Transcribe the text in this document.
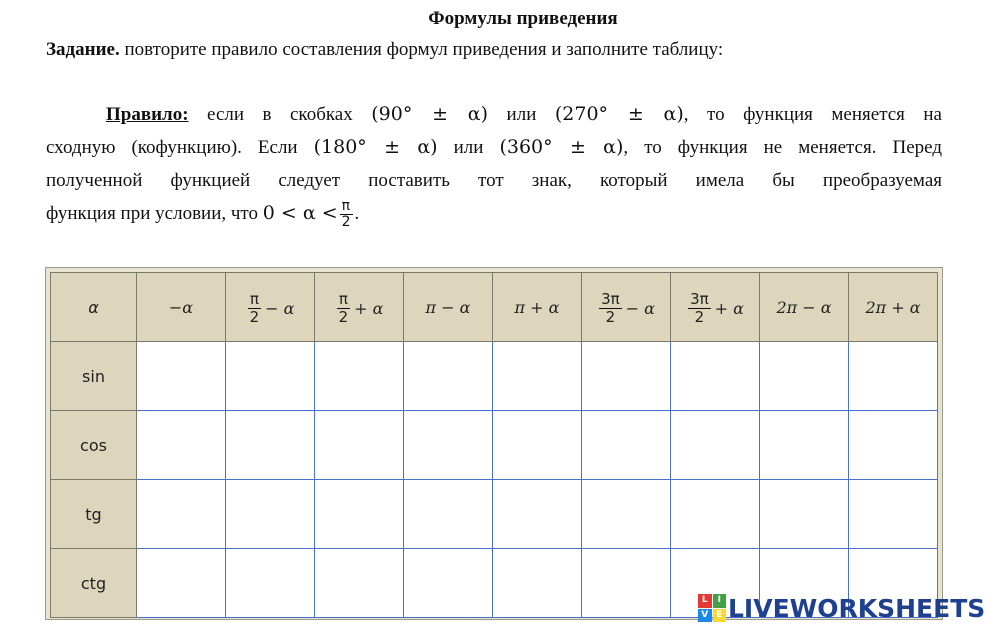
Формулы приведения
Задание. повторите правило составления формул приведения и заполните таблицу:
Правило: если в скобках (90° ± α) или (270° ± α), то функция меняется на
сходную (кофункцию). Если (180° ± α) или (360° ± α), то функция не меняется. Перед
полученной функцией следует поставить тот знак, который имела бы преобразуемая
функция при условии, что $0 < \alpha < \frac{\pi}{2}$ .
α	−α	$\frac{\pi}{2} - \alpha$	$\frac{\pi}{2} + \alpha$	π − α	π + α	$\frac{3\pi}{2} - \alpha$	$\frac{3\pi}{2} + \alpha$	2π − α	2π + α

sin									
cos									
tg									
ctg									
L	I
V E LIVEWORKSHEETS
